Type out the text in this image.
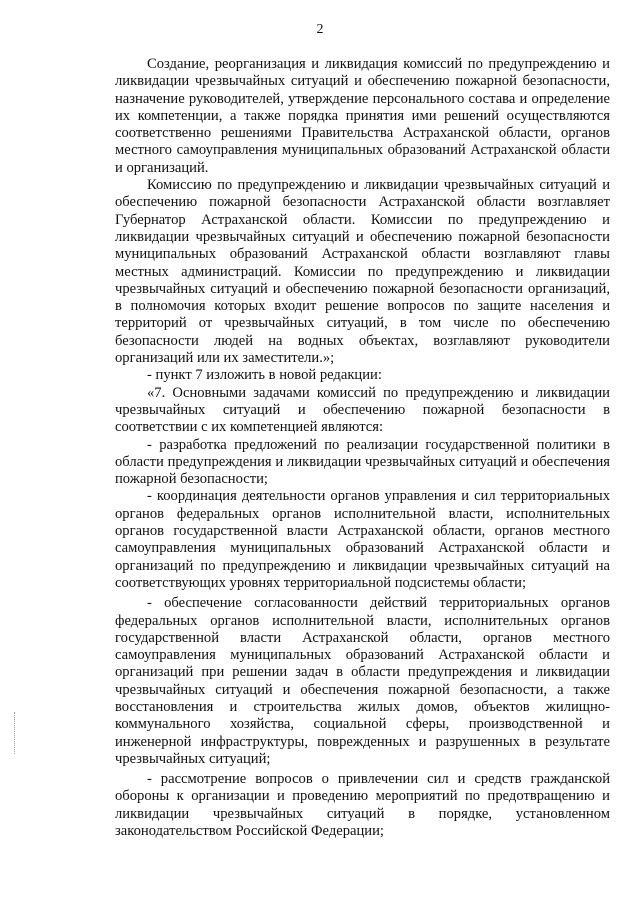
2

Создание, реорганизация и ликвидация комиссий по предупреждению и ликвидации чрезвычайных ситуаций и обеспечению пожарной безопасности, назначение руководителей, утверждение персонального состава и определение их компетенции, а также порядка принятия ими решений осуществляются соответственно решениями Правительства Астраханской области, органов местного самоуправления муниципальных образований Астраханской области и организаций.

Комиссию по предупреждению и ликвидации чрезвычайных ситуаций и обеспечению пожарной безопасности Астраханской области возглавляет Губернатор Астраханской области. Комиссии по предупреждению и ликвидации чрезвычайных ситуаций и обеспечению пожарной безопасности муниципальных образований Астраханской области возглавляют главы местных администраций. Комиссии по предупреждению и ликвидации чрезвычайных ситуаций и обеспечению пожарной безопасности организаций, в полномочия которых входит решение вопросов по защите населения и территорий от чрезвычайных ситуаций, в том числе по обеспечению безопасности людей на водных объектах, возглавляют руководители организаций или их заместители.»;

- пункт 7 изложить в новой редакции:

«7. Основными задачами комиссий по предупреждению и ликвидации чрезвычайных ситуаций и обеспечению пожарной безопасности в соответствии с их компетенцией являются:

- разработка предложений по реализации государственной политики в области предупреждения и ликвидации чрезвычайных ситуаций и обеспечения пожарной безопасности;

- координация деятельности органов управления и сил территориальных органов федеральных органов исполнительной власти, исполнительных органов государственной власти Астраханской области, органов местного самоуправления муниципальных образований Астраханской области и организаций по предупреждению и ликвидации чрезвычайных ситуаций на соответствующих уровнях территориальной подсистемы области;

- обеспечение согласованности действий территориальных органов федеральных органов исполнительной власти, исполнительных органов государственной власти Астраханской области, органов местного самоуправления муниципальных образований Астраханской области и организаций при решении задач в области предупреждения и ликвидации чрезвычайных ситуаций и обеспечения пожарной безопасности, а также восстановления и строительства жилых домов, объектов жилищно-коммунального хозяйства, социальной сферы, производственной и инженерной инфраструктуры, поврежденных и разрушенных в результате чрезвычайных ситуаций;

- рассмотрение вопросов о привлечении сил и средств гражданской обороны к организации и проведению мероприятий по предотвращению и ликвидации чрезвычайных ситуаций в порядке, установленном законодательством Российской Федерации;
